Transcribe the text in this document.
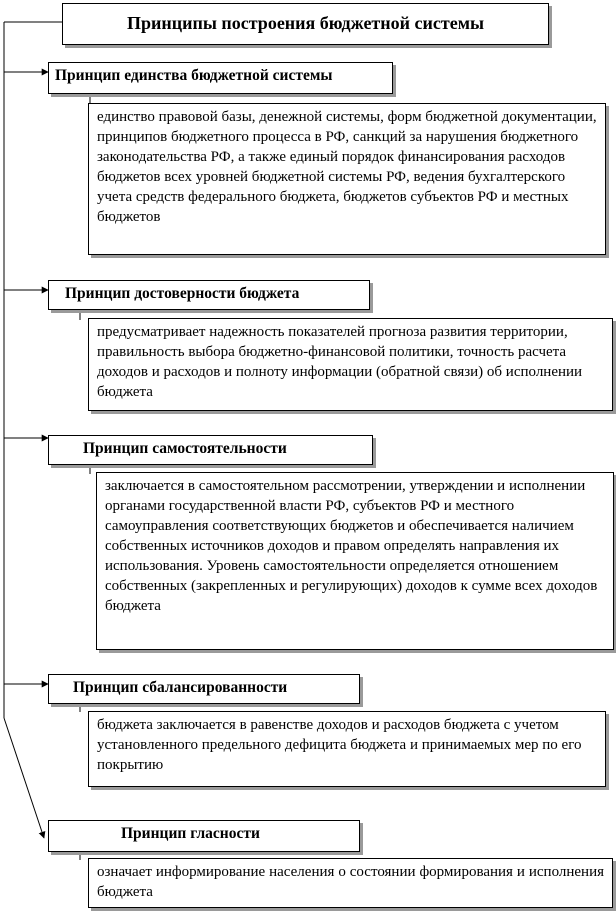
Принципы построения бюджетной системы
Принцип единства бюджетной системы
единство правовой базы, денежной системы, форм бюджетной документации, принципов бюджетного процесса в РФ, санкций за нарушения бюджетного законодательства РФ, а также единый порядок финансирования расходов бюджетов всех уровней бюджетной системы РФ, ведения бухгалтерского учета средств федерального бюджета, бюджетов субъектов РФ и местных бюджетов
Принцип достоверности бюджета
предусматривает надежность показателей прогноза развития территории, правильность выбора бюджетно-финансовой политики, точность расчета доходов и расходов и полноту информации (обратной связи) об исполнении бюджета
Принцип самостоятельности
заключается в самостоятельном рассмотрении, утверждении и исполнении органами государственной власти РФ, субъектов РФ и местного самоуправления соответствующих бюджетов и обеспечивается наличием собственных источников доходов и правом определять направления их использования. Уровень самостоятельности определяется отношением собственных (закрепленных и регулирующих) доходов к сумме всех доходов бюджета
Принцип сбалансированности
бюджета заключается в равенстве доходов и расходов бюджета с учетом установленного предельного дефицита бюджета и принимаемых мер по его покрытию
Принцип гласности
означает информирование населения о состоянии формирования и исполнения бюджета
